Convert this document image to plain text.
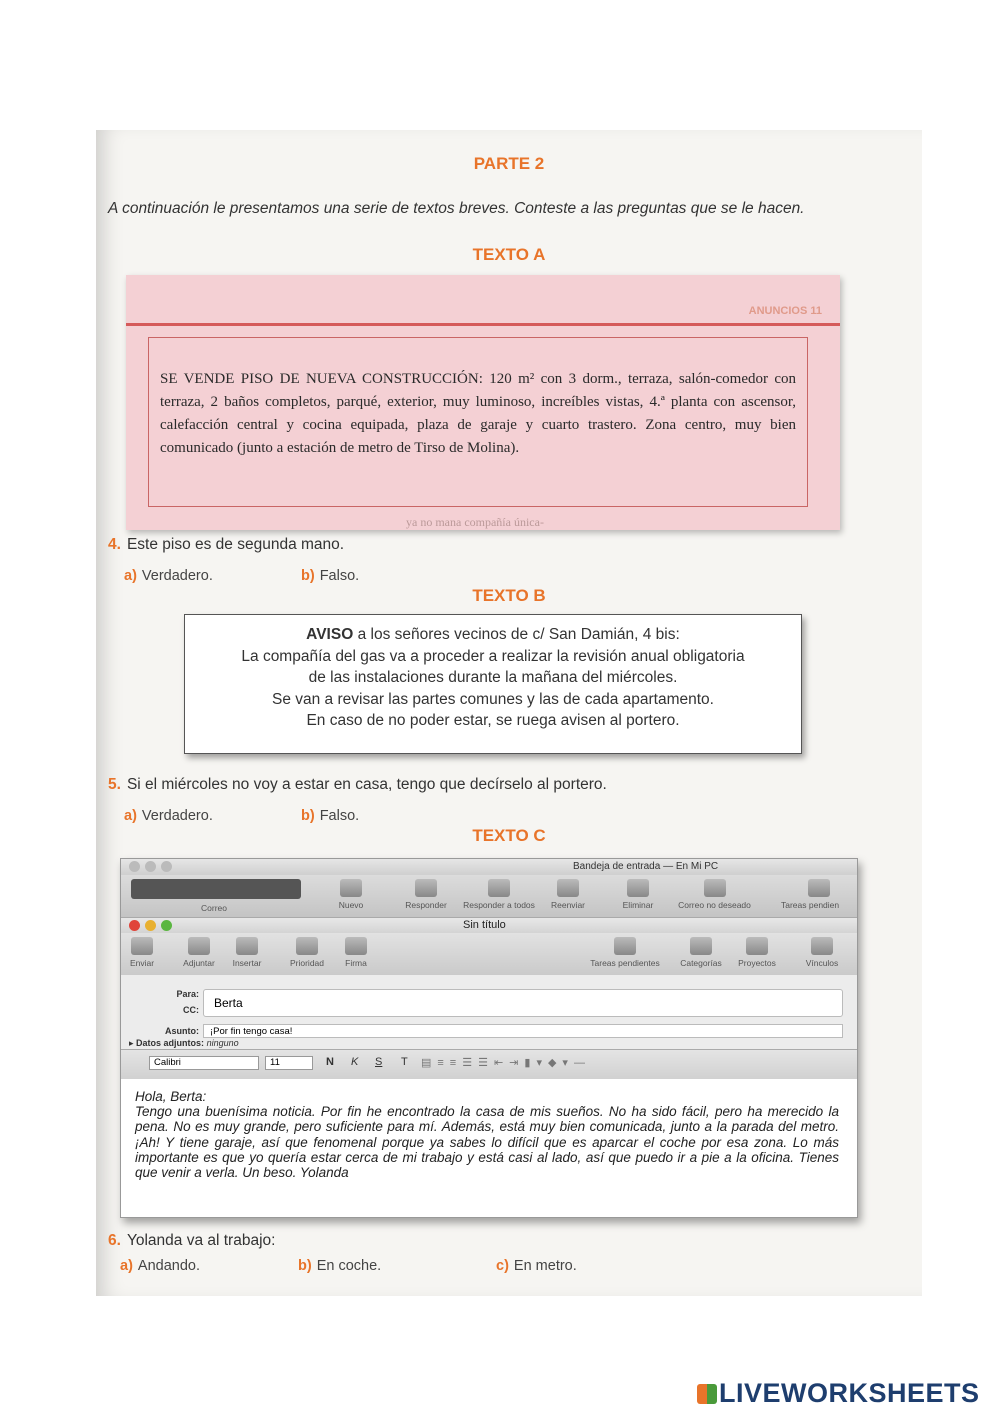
PARTE 2
A continuación le presentamos una serie de textos breves. Conteste a las preguntas que se le hacen.
TEXTO A
ANUNCIOS 11
SE VENDE PISO DE NUEVA CONSTRUCCIÓN: 120 m² con 3 dorm., terraza, salón-comedor con terraza, 2 baños completos, parqué, exterior, muy luminoso, increíbles vistas, 4.ª planta con ascensor, calefacción central y cocina equipada, plaza de garaje y cuarto trastero. Zona centro, muy bien comunicado (junto a estación de metro de Tirso de Molina).
ya no mana compañía única-
4. Este piso es de segunda mano.
a) Verdadero.	b) Falso.
TEXTO B
AVISO a los señores vecinos de c/ San Damián, 4 bis:
La compañía del gas va a proceder a realizar la revisión anual obligatoria
de las instalaciones durante la mañana del miércoles.
Se van a revisar las partes comunes y las de cada apartamento.
En caso de no poder estar, se ruega avisen al portero.
5. Si el miércoles no voy a estar en casa, tengo que decírselo al portero.
a) Verdadero.	b) Falso.
TEXTO C
Bandeja de entrada — En Mi PC
Correo	Nuevo	Responder	Responder a todos	Reenviar	Eliminar	Correo no deseado	Tareas pendien
Sin título
Enviar	Adjuntar	Insertar	Prioridad	Firma	Tareas pendientes	Categorías	Proyectos	Vínculos
Para:
CC:	Berta
Asunto:	¡Por fin tengo casa!
▸ Datos adjuntos: ninguno
Calibri	11	N K S T ▤≡≡☰☰⇤⇥▮▾◆▾—
Hola, Berta:
Tengo una buenísima noticia. Por fin he encontrado la casa de mis sueños. No ha sido fácil, pero ha merecido la pena. No es muy grande, pero suficiente para mí. Además, está muy bien comunicada, junto a la parada del metro. ¡Ah! Y tiene garaje, así que fenomenal porque ya sabes lo difícil que es aparcar el coche por esa zona. Lo más importante es que yo quería estar cerca de mi trabajo y está casi al lado, así que puedo ir a pie a la oficina. Tienes que venir a verla. Un beso. Yolanda
6. Yolanda va al trabajo:
a) Andando.	b) En coche.	c) En metro.
LIVEWORKSHEETS
